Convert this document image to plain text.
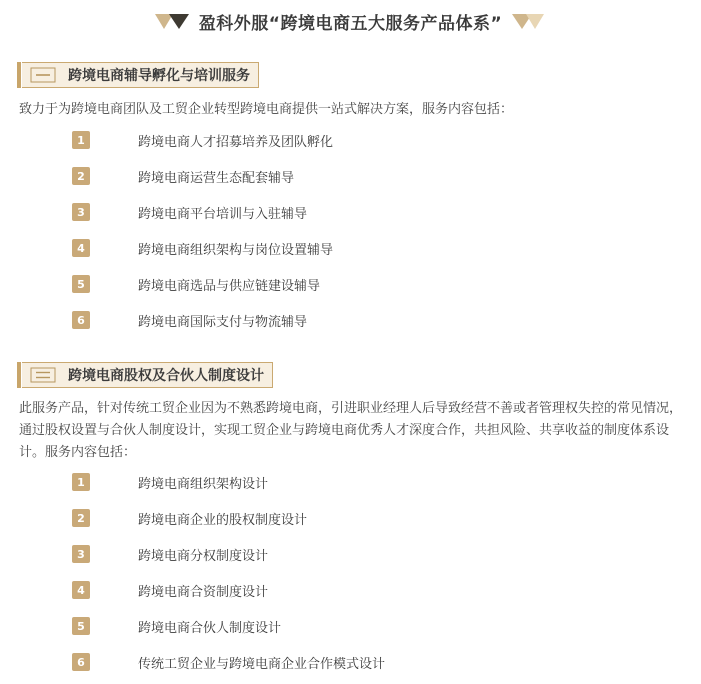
盈科外服“跨境电商五大服务产品体系”
跨境电商辅导孵化与培训服务
致力于为跨境电商团队及工贸企业转型跨境电商提供一站式解决方案，服务内容包括：
1	跨境电商人才招募培养及团队孵化
2	跨境电商运营生态配套辅导
3	跨境电商平台培训与入驻辅导
4	跨境电商组织架构与岗位设置辅导
5	跨境电商选品与供应链建设辅导
6	跨境电商国际支付与物流辅导
跨境电商股权及合伙人制度设计
此服务产品，针对传统工贸企业因为不熟悉跨境电商，引进职业经理人后导致经营不善或者管理权失控的常见情况，通过股权设置与合伙人制度设计，实现工贸企业与跨境电商优秀人才深度合作，共担风险、共享收益的制度体系设计。服务内容包括：
1	跨境电商组织架构设计
2	跨境电商企业的股权制度设计
3	跨境电商分权制度设计
4	跨境电商合资制度设计
5	跨境电商合伙人制度设计
6	传统工贸企业与跨境电商企业合作模式设计
